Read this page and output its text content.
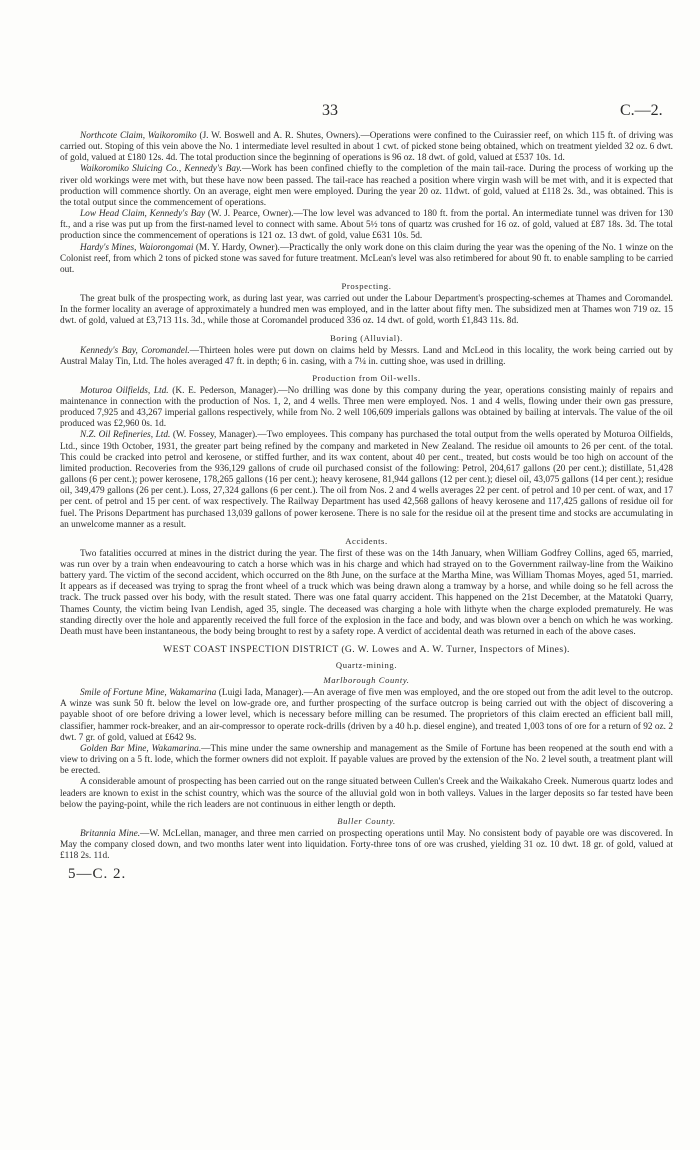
33	C.—2.

Northcote Claim, Waikoromiko (J. W. Boswell and A. R. Shutes, Owners).—Operations were confined to the Cuirassier reef, on which 115 ft. of driving was carried out. Stoping of this vein above the No. 1 intermediate level resulted in about 1 cwt. of picked stone being obtained, which on treatment yielded 32 oz. 6 dwt. of gold, valued at £180 12s. 4d. The total production since the beginning of operations is 96 oz. 18 dwt. of gold, valued at £537 10s. 1d.

Waikoromiko Sluicing Co., Kennedy's Bay.—Work has been confined chiefly to the completion of the main tail-race. During the process of working up the river old workings were met with, but these have now been passed. The tail-race has reached a position where virgin wash will be met with, and it is expected that production will commence shortly. On an average, eight men were employed. During the year 20 oz. 11dwt. of gold, valued at £118 2s. 3d., was obtained. This is the total output since the commencement of operations.

Low Head Claim, Kennedy's Bay (W. J. Pearce, Owner).—The low level was advanced to 180 ft. from the portal. An intermediate tunnel was driven for 130 ft., and a rise was put up from the first-named level to connect with same. About 5½ tons of quartz was crushed for 16 oz. of gold, valued at £87 18s. 3d. The total production since the commencement of operations is 121 oz. 13 dwt. of gold, value £631 10s. 5d.

Hardy's Mines, Waiorongomai (M. Y. Hardy, Owner).—Practically the only work done on this claim during the year was the opening of the No. 1 winze on the Colonist reef, from which 2 tons of picked stone was saved for future treatment. McLean's level was also retimbered for about 90 ft. to enable sampling to be carried out.

Prospecting.

The great bulk of the prospecting work, as during last year, was carried out under the Labour Department's prospecting-schemes at Thames and Coromandel. In the former locality an average of approximately a hundred men was employed, and in the latter about fifty men. The subsidized men at Thames won 719 oz. 15 dwt. of gold, valued at £3,713 11s. 3d., while those at Coromandel produced 336 oz. 14 dwt. of gold, worth £1,843 11s. 8d.

Boring (Alluvial).

Kennedy's Bay, Coromandel.—Thirteen holes were put down on claims held by Messrs. Land and McLeod in this locality, the work being carried out by Austral Malay Tin, Ltd. The holes averaged 47 ft. in depth; 6 in. casing, with a 7¼ in. cutting shoe, was used in drilling.

Production from Oil-wells.

Moturoa Oilfields, Ltd. (K. E. Pederson, Manager).—No drilling was done by this company during the year, operations consisting mainly of repairs and maintenance in connection with the production of Nos. 1, 2, and 4 wells. Three men were employed. Nos. 1 and 4 wells, flowing under their own gas pressure, produced 7,925 and 43,267 imperial gallons respectively, while from No. 2 well 106,609 imperials gallons was obtained by bailing at intervals. The value of the oil produced was £2,960 0s. 1d.

N.Z. Oil Refineries, Ltd. (W. Fossey, Manager).—Two employees. This company has purchased the total output from the wells operated by Moturoa Oilfields, Ltd., since 19th October, 1931, the greater part being refined by the company and marketed in New Zealand. The residue oil amounts to 26 per cent. of the total. This could be cracked into petrol and kerosene, or stiffed further, and its wax content, about 40 per cent., treated, but costs would be too high on account of the limited production. Recoveries from the 936,129 gallons of crude oil purchased consist of the following: Petrol, 204,617 gallons (20 per cent.); distillate, 51,428 gallons (6 per cent.); power kerosene, 178,265 gallons (16 per cent.); heavy kerosene, 81,944 gallons (12 per cent.); diesel oil, 43,075 gallons (14 per cent.); residue oil, 349,479 gallons (26 per cent.). Loss, 27,324 gallons (6 per cent.). The oil from Nos. 2 and 4 wells averages 22 per cent. of petrol and 10 per cent. of wax, and 17 per cent. of petrol and 15 per cent. of wax respectively. The Railway Department has used 42,568 gallons of heavy kerosene and 117,425 gallons of residue oil for fuel. The Prisons Department has purchased 13,039 gallons of power kerosene. There is no sale for the residue oil at the present time and stocks are accumulating in an unwelcome manner as a result.

Accidents.

Two fatalities occurred at mines in the district during the year. The first of these was on the 14th January, when William Godfrey Collins, aged 65, married, was run over by a train when endeavouring to catch a horse which was in his charge and which had strayed on to the Government railway-line from the Waikino battery yard. The victim of the second accident, which occurred on the 8th June, on the surface at the Martha Mine, was William Thomas Moyes, aged 51, married. It appears as if deceased was trying to sprag the front wheel of a truck which was being drawn along a tramway by a horse, and while doing so he fell across the track. The truck passed over his body, with the result stated. There was one fatal quarry accident. This happened on the 21st December, at the Matatoki Quarry, Thames County, the victim being Ivan Lendish, aged 35, single. The deceased was charging a hole with lithyte when the charge exploded prematurely. He was standing directly over the hole and apparently received the full force of the explosion in the face and body, and was blown over a bench on which he was working. Death must have been instantaneous, the body being brought to rest by a safety rope. A verdict of accidental death was returned in each of the above cases.

WEST COAST INSPECTION DISTRICT (G. W. Lowes and A. W. Turner, Inspectors of Mines).
Quartz-mining.
Marlborough County.

Smile of Fortune Mine, Wakamarina (Luigi Iada, Manager).—An average of five men was employed, and the ore stoped out from the adit level to the outcrop. A winze was sunk 50 ft. below the level on low-grade ore, and further prospecting of the surface outcrop is being carried out with the object of discovering a payable shoot of ore before driving a lower level, which is necessary before milling can be resumed. The proprietors of this claim erected an efficient ball mill, classifier, hammer rock-breaker, and an air-compressor to operate rock-drills (driven by a 40 h.p. diesel engine), and treated 1,003 tons of ore for a return of 92 oz. 2 dwt. 7 gr. of gold, valued at £642 9s.

Golden Bar Mine, Wakamarina.—This mine under the same ownership and management as the Smile of Fortune has been reopened at the south end with a view to driving on a 5 ft. lode, which the former owners did not exploit. If payable values are proved by the extension of the No. 2 level south, a treatment plant will be erected.

A considerable amount of prospecting has been carried out on the range situated between Cullen's Creek and the Waikakaho Creek. Numerous quartz lodes and leaders are known to exist in the schist country, which was the source of the alluvial gold won in both valleys. Values in the larger deposits so far tested have been below the paying-point, while the rich leaders are not continuous in either length or depth.

Buller County.

Britannia Mine.—W. McLellan, manager, and three men carried on prospecting operations until May. No consistent body of payable ore was discovered. In May the company closed down, and two months later went into liquidation. Forty-three tons of ore was crushed, yielding 31 oz. 10 dwt. 18 gr. of gold, valued at £118 2s. 11d.

5—C. 2.
